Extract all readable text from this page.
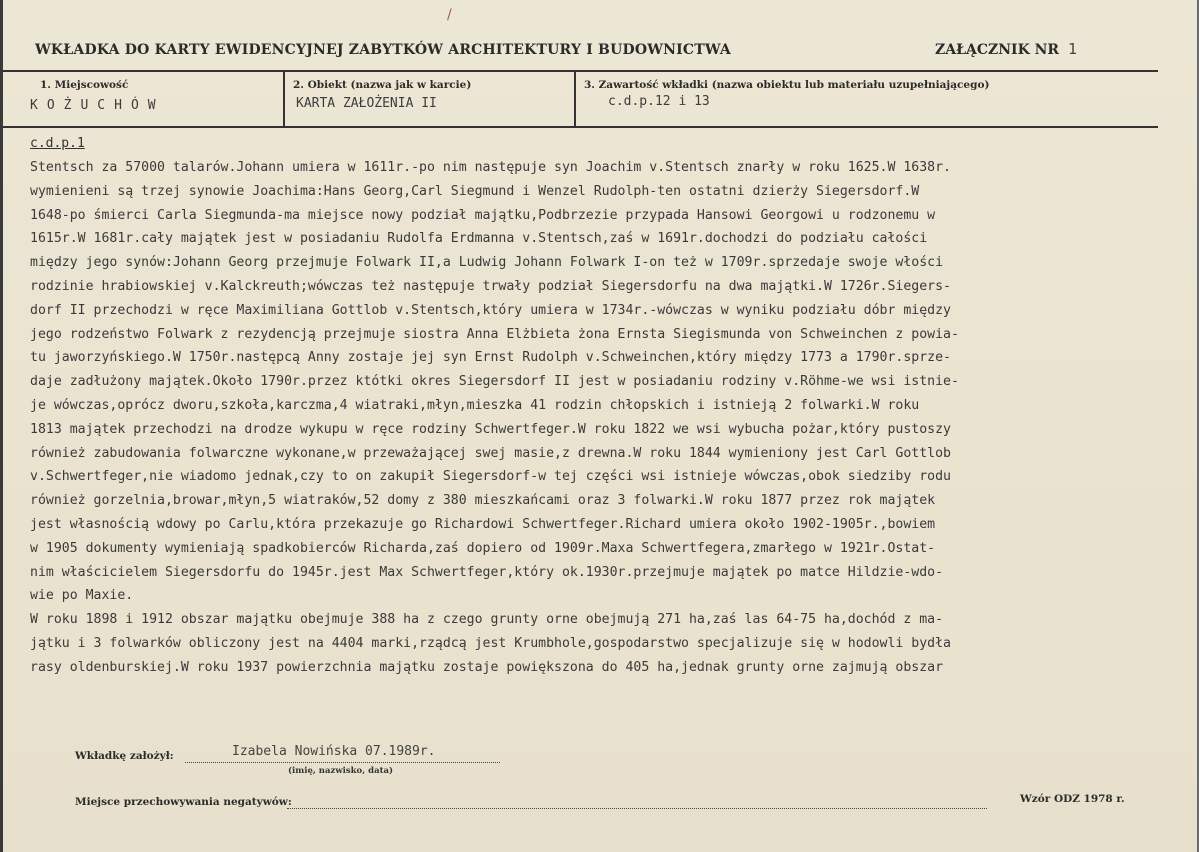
/
WKŁADKA DO KARTY EWIDENCYJNEJ ZABYTKÓW ARCHITEKTURY I BUDOWNICTWA	ZAŁĄCZNIK NR 1
1. Miejscowość
KOŻUCHÓW
2. Obiekt (nazwa jak w karcie)
KARTA ZAŁOŻENIA II
3. Zawartość wkładki (nazwa obiektu lub materiału uzupełniającego)
c.d.p.12 i 13
c.d.p.1
Stentsch za 57000 talarów.Johann umiera w 1611r.-po nim następuje syn Joachim v.Stentsch znarły w roku 1625.W 1638r.
wymienieni są trzej synowie Joachima:Hans Georg,Carl Siegmund i Wenzel Rudolph-ten ostatni dzierży Siegersdorf.W
1648-po śmierci Carla Siegmunda-ma miejsce nowy podział majątku,Podbrzezie przypada Hansowi Georgowi u rodzonemu w
1615r.W 1681r.cały majątek jest w posiadaniu Rudolfa Erdmanna v.Stentsch,zaś w 1691r.dochodzi do podziału całości
między jego synów:Johann Georg przejmuje Folwark II,a Ludwig Johann Folwark I-on też w 1709r.sprzedaje swoje włości
rodzinie hrabiowskiej v.Kalckreuth;wówczas też następuje trwały podział Siegersdorfu na dwa majątki.W 1726r.Siegers-
dorf II przechodzi w ręce Maximiliana Gottlob v.Stentsch,który umiera w 1734r.-wówczas w wyniku podziału dóbr między
jego rodzeństwo Folwark z rezydencją przejmuje siostra Anna Elżbieta żona Ernsta Siegismunda von Schweinchen z powia-
tu jaworzyńskiego.W 1750r.następcą Anny zostaje jej syn Ernst Rudolph v.Schweinchen,który między 1773 a 1790r.sprze-
daje zadłużony majątek.Około 1790r.przez któtki okres Siegersdorf II jest w posiadaniu rodziny v.Röhme-we wsi istnie-
je wówczas,oprócz dworu,szkoła,karczma,4 wiatraki,młyn,mieszka 41 rodzin chłopskich i istnieją 2 folwarki.W roku
1813 majątek przechodzi na drodze wykupu w ręce rodziny Schwertfeger.W roku 1822 we wsi wybucha pożar,który pustoszy
również zabudowania folwarczne wykonane,w przeważającej swej masie,z drewna.W roku 1844 wymieniony jest Carl Gottlob
v.Schwertfeger,nie wiadomo jednak,czy to on zakupił Siegersdorf-w tej części wsi istnieje wówczas,obok siedziby rodu
również gorzelnia,browar,młyn,5 wiatraków,52 domy z 380 mieszkańcami oraz 3 folwarki.W roku 1877 przez rok majątek
jest własnością wdowy po Carlu,która przekazuje go Richardowi Schwertfeger.Richard umiera około 1902-1905r.,bowiem
w 1905 dokumenty wymieniają spadkobierców Richarda,zaś dopiero od 1909r.Maxa Schwertfegera,zmarłego w 1921r.Ostat-
nim właścicielem Siegersdorfu do 1945r.jest Max Schwertfeger,który ok.1930r.przejmuje majątek po matce Hildzie-wdo-
wie po Maxie.
W roku 1898 i 1912 obszar majątku obejmuje 388 ha z czego grunty orne obejmują 271 ha,zaś las 64-75 ha,dochód z ma-
jątku i 3 folwarków obliczony jest na 4404 marki,rządcą jest Krumbhole,gospodarstwo specjalizuje się w hodowli bydła
rasy oldenburskiej.W roku 1937 powierzchnia majątku zostaje powiększona do 405 ha,jednak grunty orne zajmują obszar
Wkładkę założył:	Izabela Nowińska 07.1989r.
(imię, nazwisko, data)
Miejsce przechowywania negatywów:	Wzór ODZ 1978 r.
